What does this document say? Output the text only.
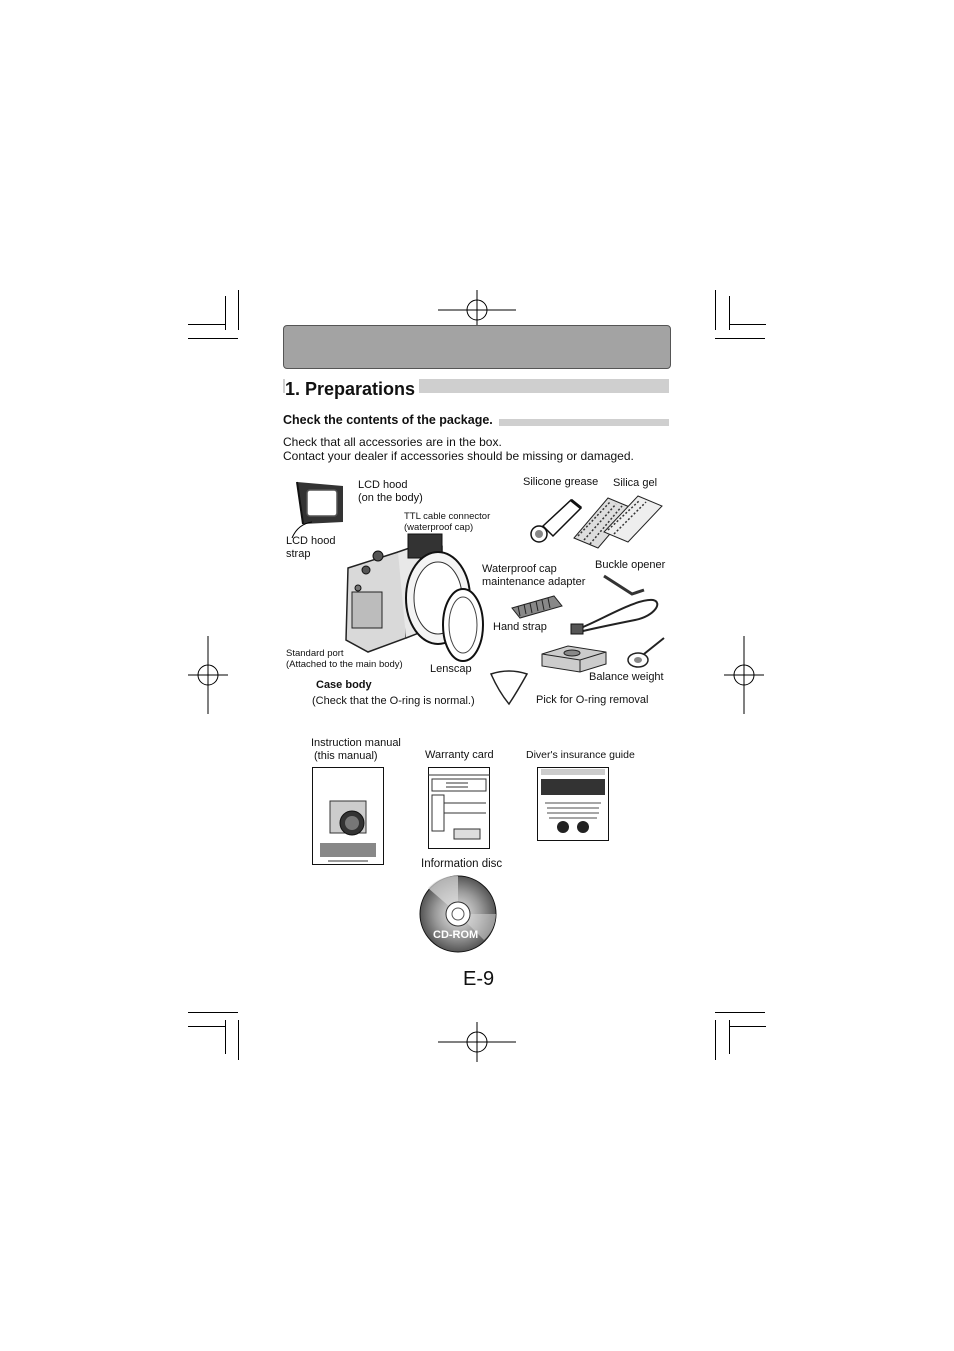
1. Preparations
Check the contents of the package.
Check that all accessories are in the box.
Contact your dealer if accessories should be missing or damaged.
LCD hood
(on the body)
TTL cable connector
(waterproof cap)
LCD hood
strap
Silicone grease Silica gel
Waterproof cap
maintenance adapter
Buckle opener
Hand strap
Standard port
(Attached to the main body) Lenscap
Balance weight
Case body
(Check that the O-ring is normal.)	Pick for O-ring removal
Instruction manual
(this manual)	Warranty card	Diver's insurance guide
Information disc
CD-ROM
E-9
